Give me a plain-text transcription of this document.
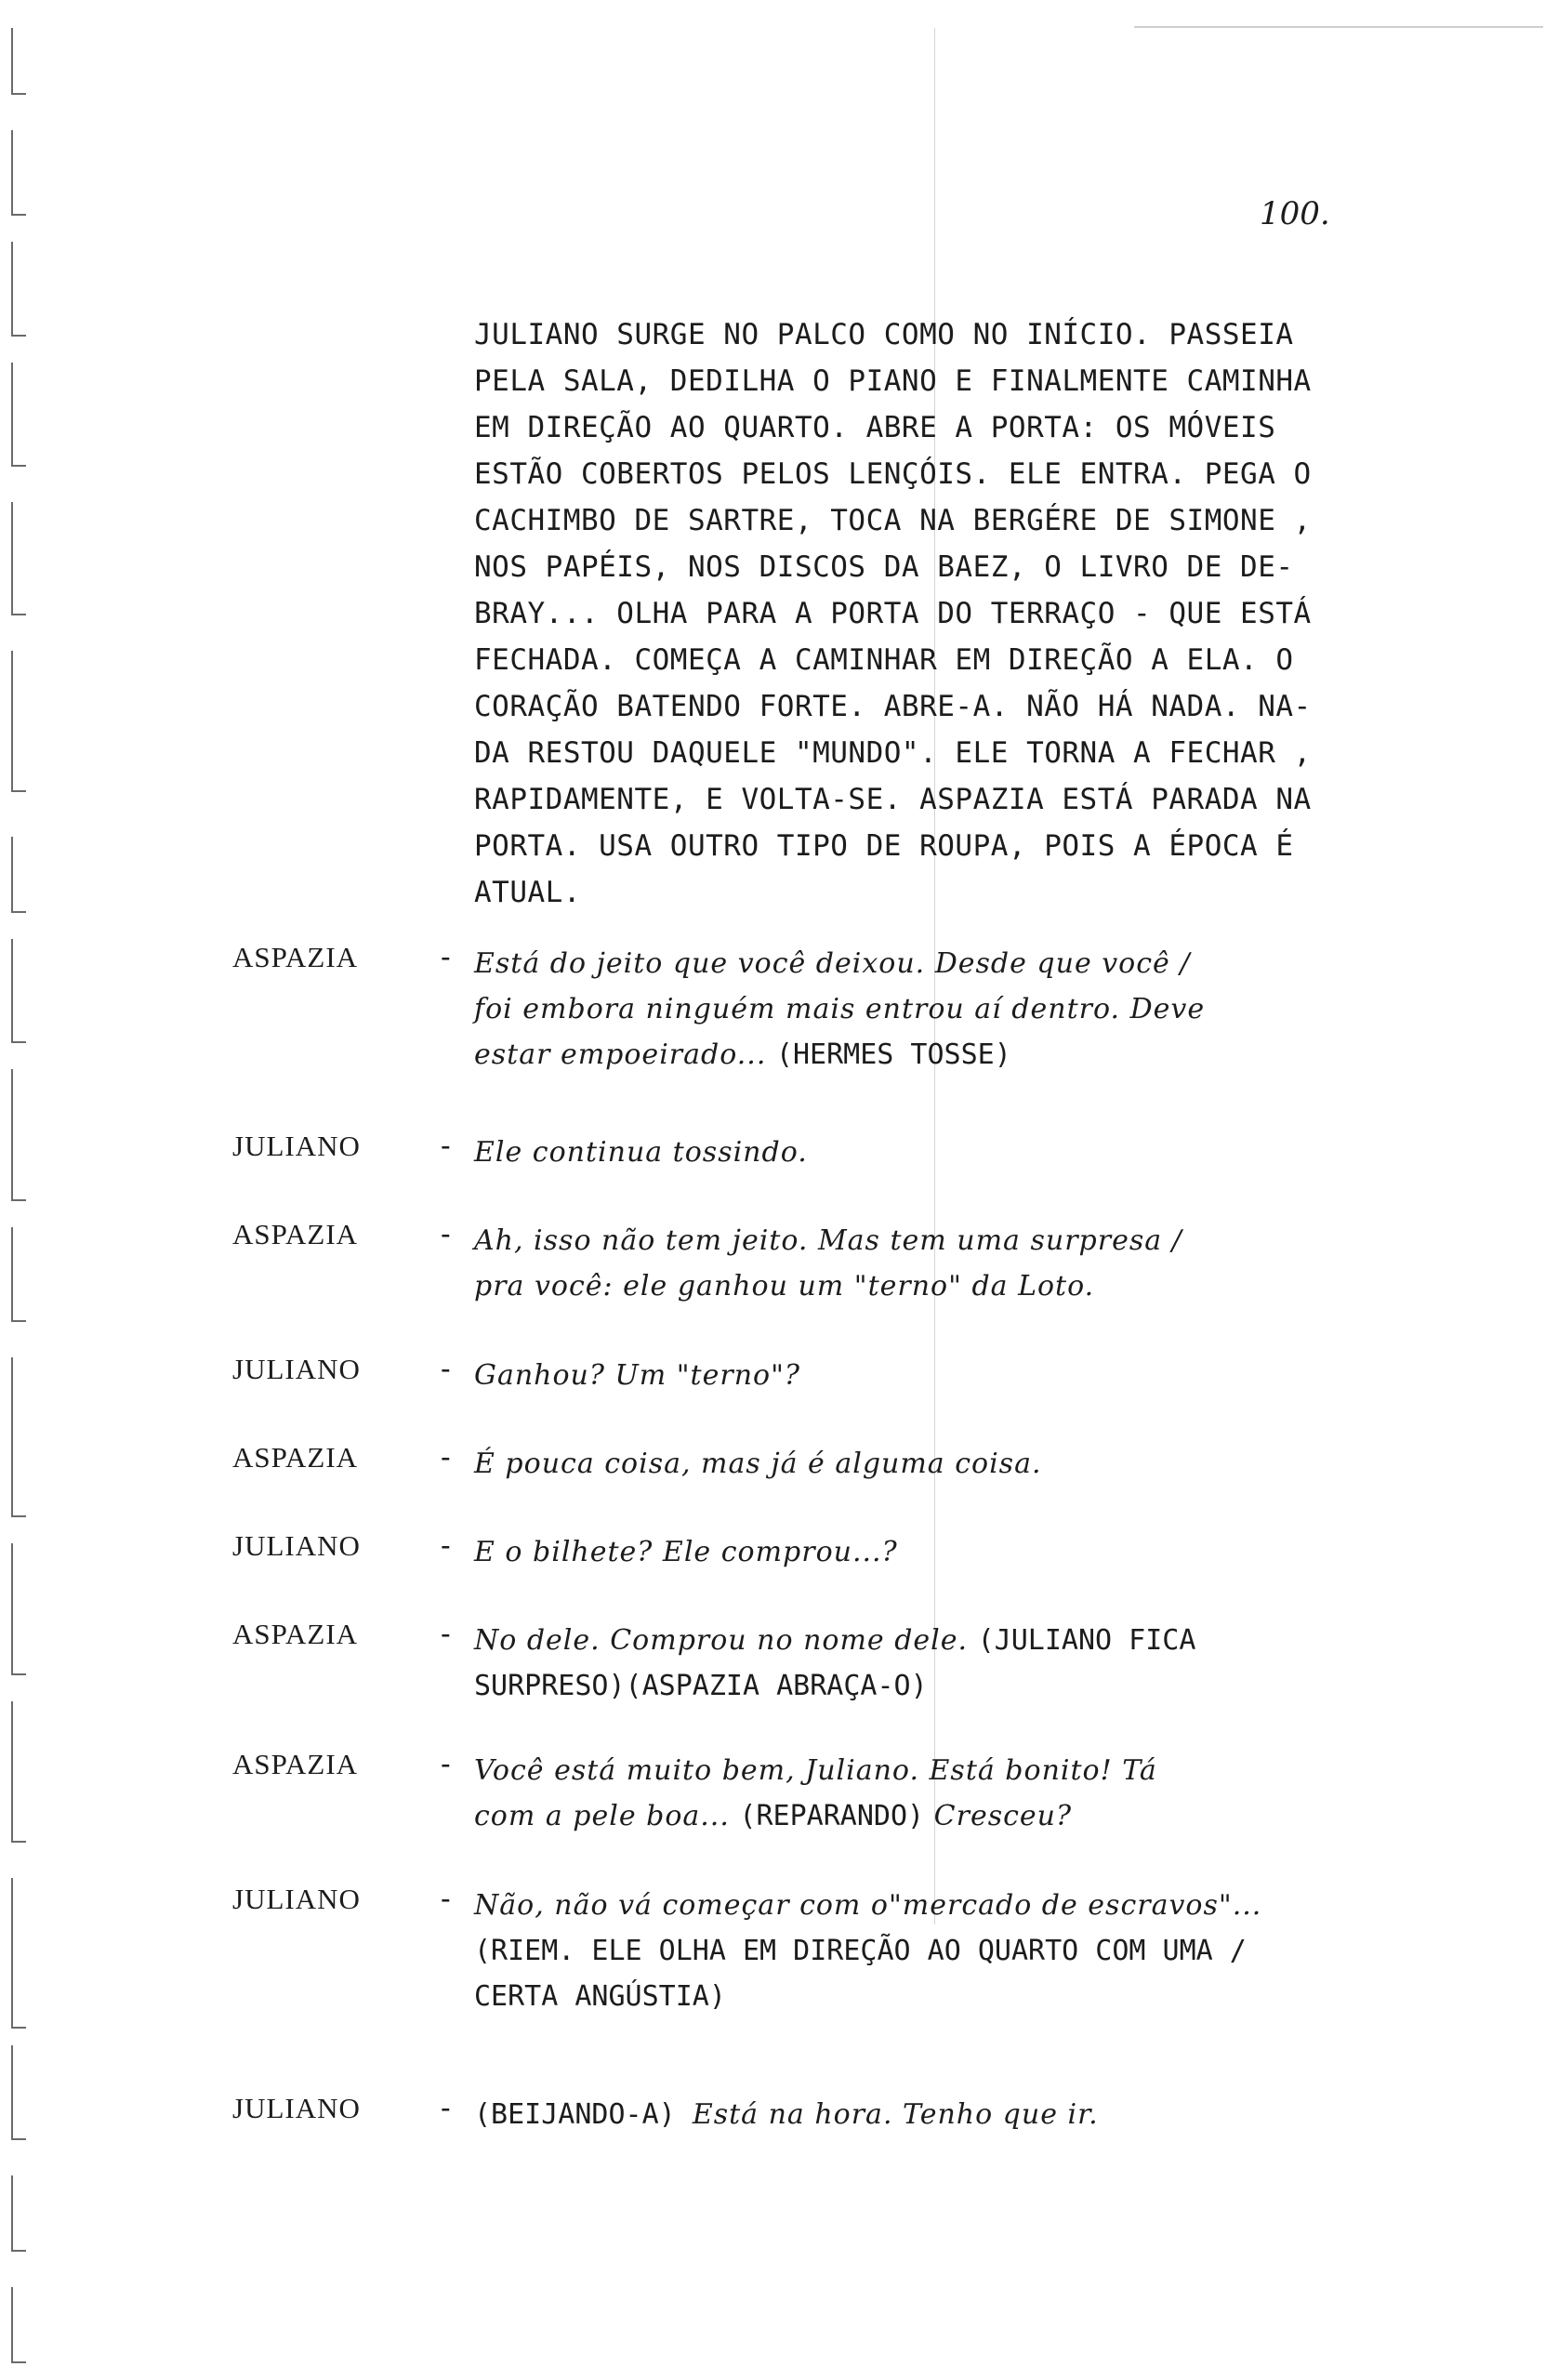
100.
JULIANO SURGE NO PALCO COMO NO INÍCIO. PASSEIA
PELA SALA, DEDILHA O PIANO E FINALMENTE CAMINHA
EM DIREÇÃO AO QUARTO. ABRE A PORTA: OS MÓVEIS
ESTÃO COBERTOS PELOS LENÇÓIS. ELE ENTRA. PEGA O
CACHIMBO DE SARTRE, TOCA NA BERGÉRE DE SIMONE ,
NOS PAPÉIS, NOS DISCOS DA BAEZ, O LIVRO DE DE-
BRAY... OLHA PARA A PORTA DO TERRAÇO - QUE ESTÁ
FECHADA. COMEÇA A CAMINHAR EM DIREÇÃO A ELA. O
CORAÇÃO BATENDO FORTE. ABRE-A. NÃO HÁ NADA. NA-
DA RESTOU DAQUELE "MUNDO". ELE TORNA A FECHAR ,
RAPIDAMENTE, E VOLTA-SE. ASPAZIA ESTÁ PARADA NA
PORTA. USA OUTRO TIPO DE ROUPA, POIS A ÉPOCA É
ATUAL.
ASPAZIA	- Está do jeito que você deixou. Desde que você /
foi embora ninguém mais entrou aí dentro. Deve
estar empoeirado... (HERMES TOSSE)
JULIANO	- Ele continua tossindo.
ASPAZIA	- Ah, isso não tem jeito. Mas tem uma surpresa /
pra você: ele ganhou um "terno" da Loto.
JULIANO	- Ganhou? Um "terno"?
ASPAZIA	- É pouca coisa, mas já é alguma coisa.
JULIANO	- E o bilhete? Ele comprou...?
ASPAZIA	- No dele. Comprou no nome dele. (JULIANO FICA
SURPRESO)(ASPAZIA ABRAÇA-O)
ASPAZIA	- Você está muito bem, Juliano. Está bonito! Tá
com a pele boa... (REPARANDO) Cresceu?
JULIANO	- Não, não vá começar com o"mercado de escravos"...
(RIEM. ELE OLHA EM DIREÇÃO AO QUARTO COM UMA /
CERTA ANGÚSTIA)
JULIANO	- (BEIJANDO-A) Está na hora. Tenho que ir.
